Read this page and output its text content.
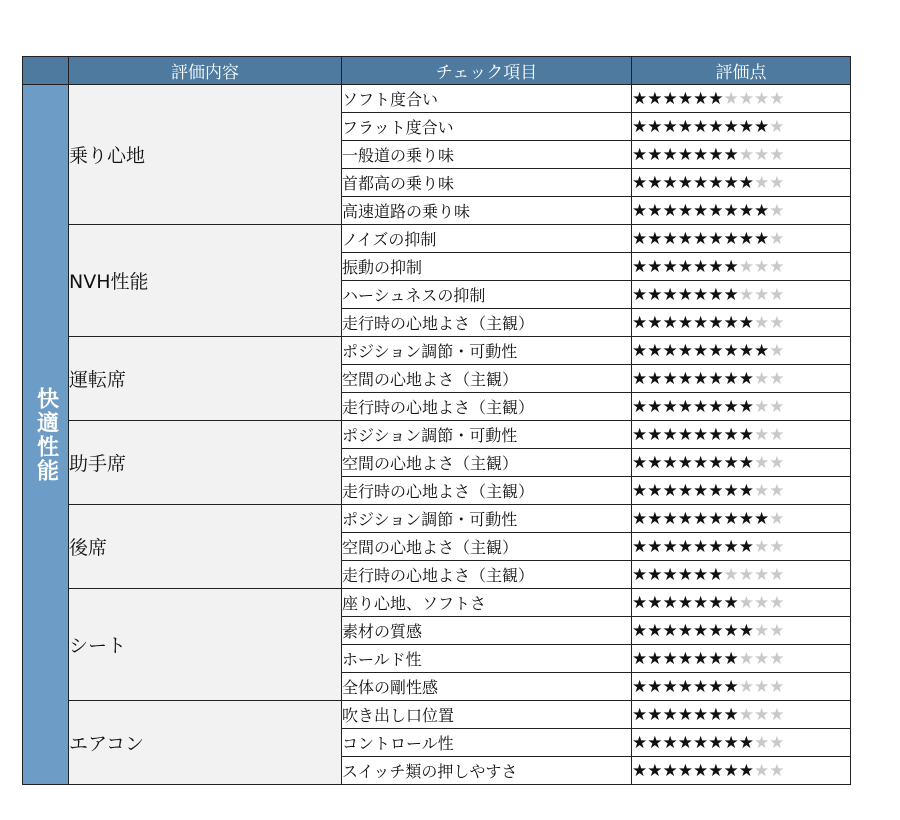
	評価内容	チェック項目	評価点

快適性能	乗り心地	ソフト度合い	★★★★★★★★★★
		フラット度合い	★★★★★★★★★★
		一般道の乗り味	★★★★★★★★★★
		首都高の乗り味	★★★★★★★★★★
		高速道路の乗り味	★★★★★★★★★★
	NVH性能	ノイズの抑制	★★★★★★★★★★
		振動の抑制	★★★★★★★★★★
		ハーシュネスの抑制	★★★★★★★★★★
		走行時の心地よさ（主観）	★★★★★★★★★★
	運転席	ポジション調節・可動性	★★★★★★★★★★
		空間の心地よさ（主観）	★★★★★★★★★★
		走行時の心地よさ（主観）	★★★★★★★★★★
	助手席	ポジション調節・可動性	★★★★★★★★★★
		空間の心地よさ（主観）	★★★★★★★★★★
		走行時の心地よさ（主観）	★★★★★★★★★★
	後席	ポジション調節・可動性	★★★★★★★★★★
		空間の心地よさ（主観）	★★★★★★★★★★
		走行時の心地よさ（主観）	★★★★★★★★★★
	シート	座り心地、ソフトさ	★★★★★★★★★★
		素材の質感	★★★★★★★★★★
		ホールド性	★★★★★★★★★★
		全体の剛性感	★★★★★★★★★★
	エアコン	吹き出し口位置	★★★★★★★★★★
		コントロール性	★★★★★★★★★★
		スイッチ類の押しやすさ	★★★★★★★★★★
